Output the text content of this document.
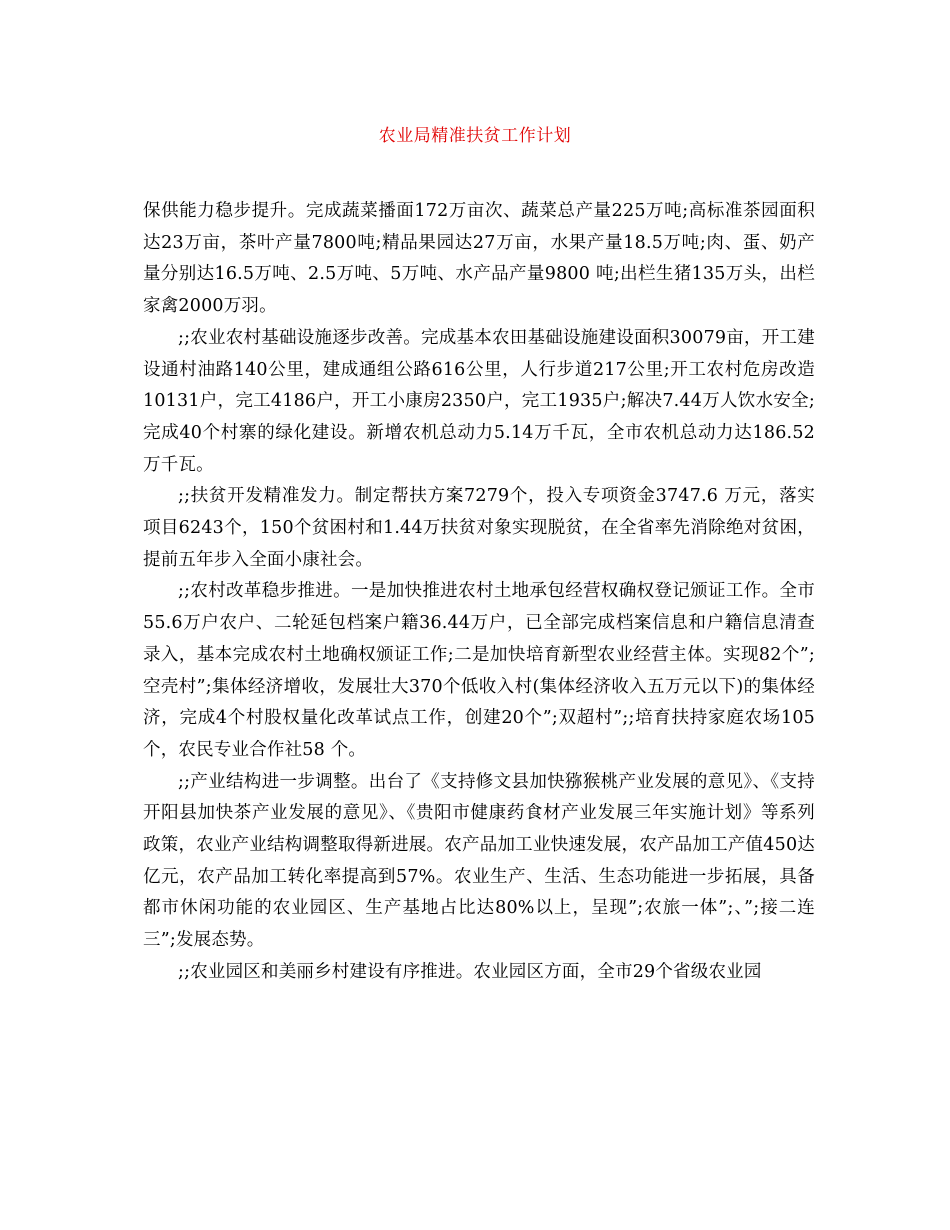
农业局精准扶贫工作计划

保供能力稳步提升。完成蔬菜播面172万亩次、蔬菜总产量225万吨;高标准茶园面积达23万亩，茶叶产量7800吨;精品果园达27万亩，水果产量18.5万吨;肉、蛋、奶产量分别达16.5万吨、2.5万吨、5万吨、水产品产量9800 吨;出栏生猪135万头，出栏家禽2000万羽。

;;农业农村基础设施逐步改善。完成基本农田基础设施建设面积30079亩，开工建设通村油路140公里，建成通组公路616公里，人行步道217公里;开工农村危房改造10131户，完工4186户，开工小康房2350户，完工1935户;解决7.44万人饮水安全;完成40个村寨的绿化建设。新增农机总动力5.14万千瓦，全市农机总动力达186.52万千瓦。

;;扶贫开发精准发力。制定帮扶方案7279个，投入专项资金3747.6 万元，落实项目6243个，150个贫困村和1.44万扶贫对象实现脱贫，在全省率先消除绝对贫困，提前五年步入全面小康社会。

;;农村改革稳步推进。一是加快推进农村土地承包经营权确权登记颁证工作。全市55.6万户农户、二轮延包档案户籍36.44万户，已全部完成档案信息和户籍信息清查录入，基本完成农村土地确权颁证工作;二是加快培育新型农业经营主体。实现82个”;空壳村”;集体经济增收，发展壮大370个低收入村(集体经济收入五万元以下)的集体经济，完成4个村股权量化改革试点工作，创建20个”;双超村”;;培育扶持家庭农场105 个，农民专业合作社58 个。

;;产业结构进一步调整。出台了《支持修文县加快猕猴桃产业发展的意见》、《支持开阳县加快茶产业发展的意见》、《贵阳市健康药食材产业发展三年实施计划》等系列政策，农业产业结构调整取得新进展。农产品加工业快速发展，农产品加工产值450达亿元，农产品加工转化率提高到57%。农业生产、生活、生态功能进一步拓展，具备都市休闲功能的农业园区、生产基地占比达80%以上，呈现”;农旅一体”;、”;接二连三”;发展态势。

;;农业园区和美丽乡村建设有序推进。农业园区方面，全市29个省级农业园
